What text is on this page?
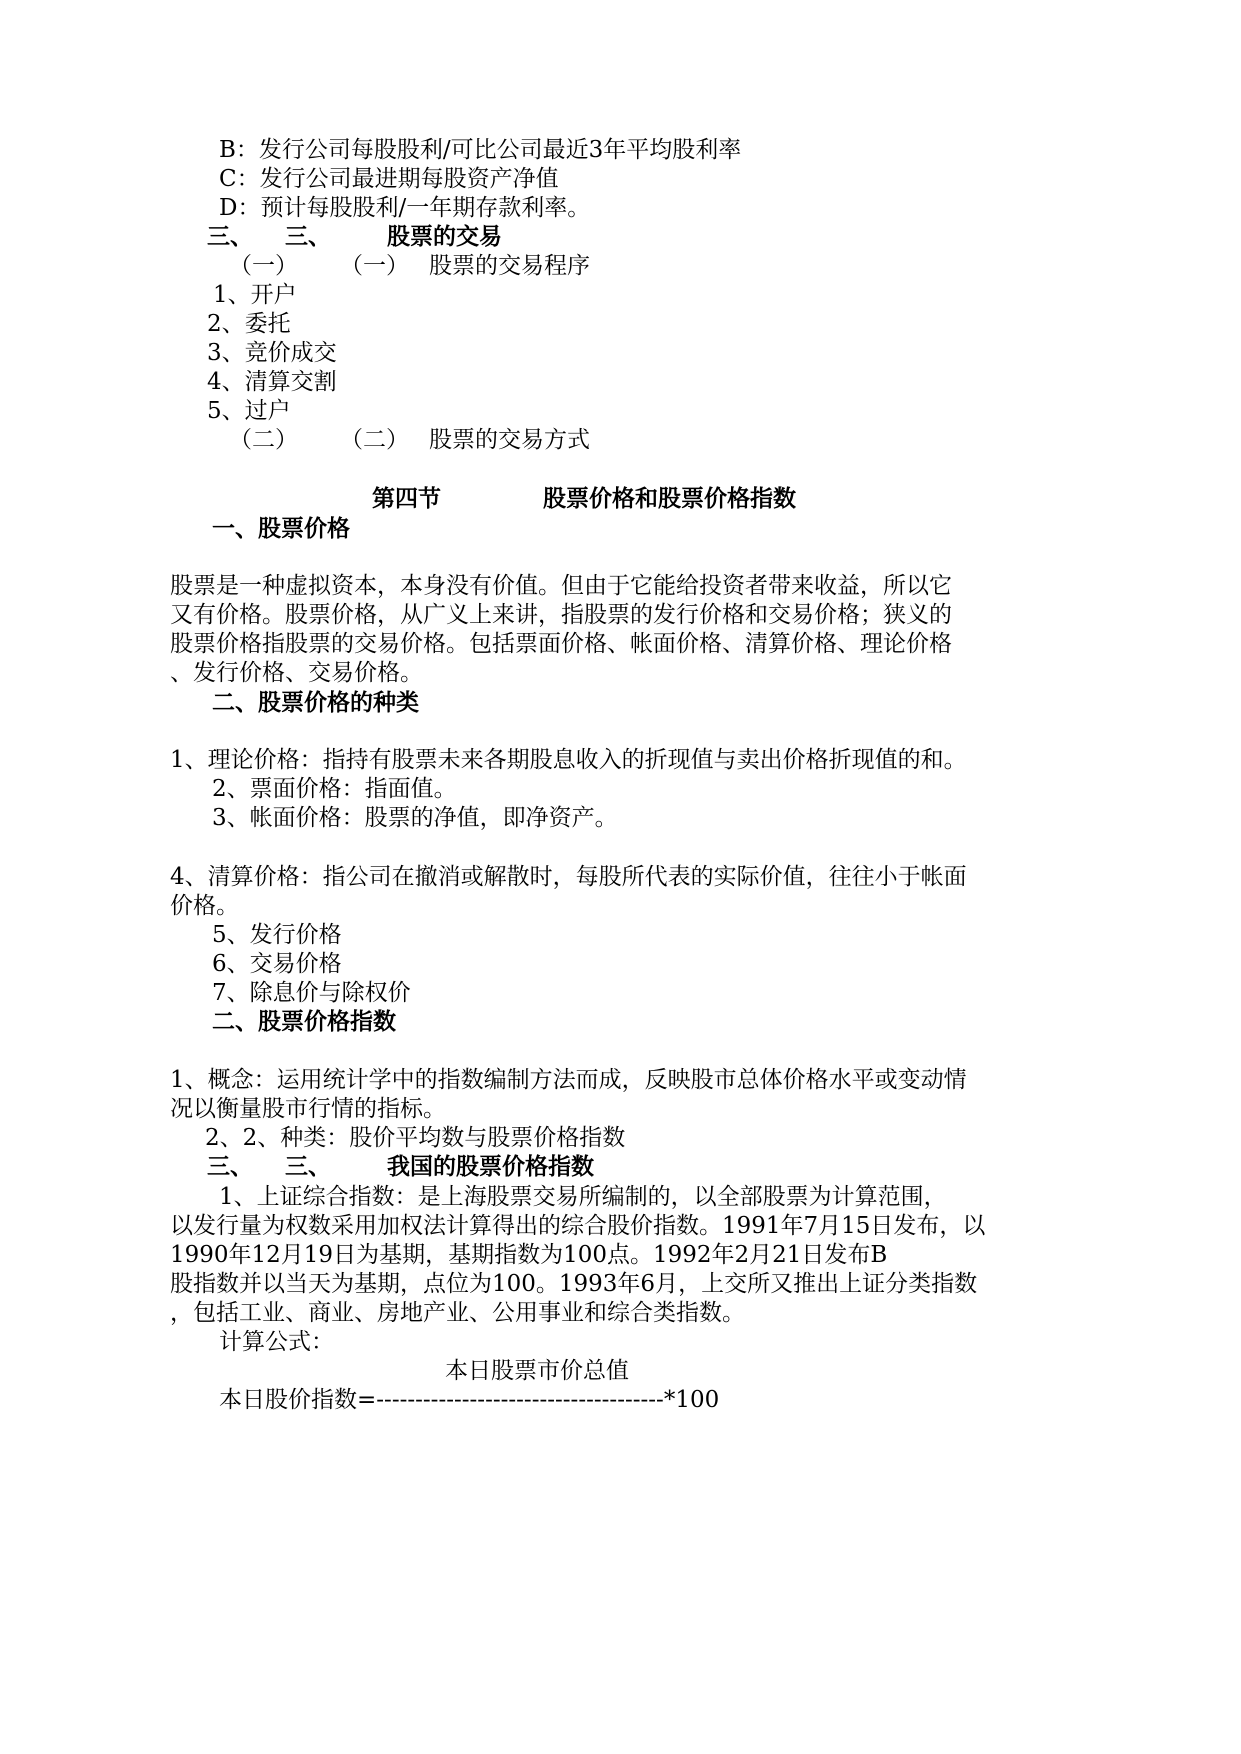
B：发行公司每股股利/可比公司最近3年平均股利率
C：发行公司最进期每股资产净值
D：预计每股股利/一年期存款利率。
三、 三、 股票的交易
（一） （一） 股票的交易程序
1、开户
2、委托
3、竞价成交
4、清算交割
5、过户
（二） （二） 股票的交易方式
第四节	股票价格和股票价格指数
一、股票价格
股票是一种虚拟资本，本身没有价值。但由于它能给投资者带来收益，所以它
又有价格。股票价格，从广义上来讲，指股票的发行价格和交易价格；狭义的
股票价格指股票的交易价格。包括票面价格、帐面价格、清算价格、理论价格
、发行价格、交易价格。
二、股票价格的种类
1、理论价格：指持有股票未来各期股息收入的折现值与卖出价格折现值的和。
2、票面价格：指面值。
3、帐面价格：股票的净值，即净资产。
4、清算价格：指公司在撤消或解散时，每股所代表的实际价值，往往小于帐面
价格。
5、发行价格
6、交易价格
7、除息价与除权价
二、股票价格指数
1、概念：运用统计学中的指数编制方法而成，反映股市总体价格水平或变动情
况以衡量股市行情的指标。
2、2、种类：股价平均数与股票价格指数
三、 三、 我国的股票价格指数
1、上证综合指数：是上海股票交易所编制的，以全部股票为计算范围，
以发行量为权数采用加权法计算得出的综合股价指数。1991年7月15日发布，以
1990年12月19日为基期，基期指数为100点。1992年2月21日发布B
股指数并以当天为基期，点位为100。1993年6月，上交所又推出上证分类指数
，包括工业、商业、房地产业、公用事业和综合类指数。
计算公式：
本日股票市价总值
本日股价指数=-------------------------------------*100
